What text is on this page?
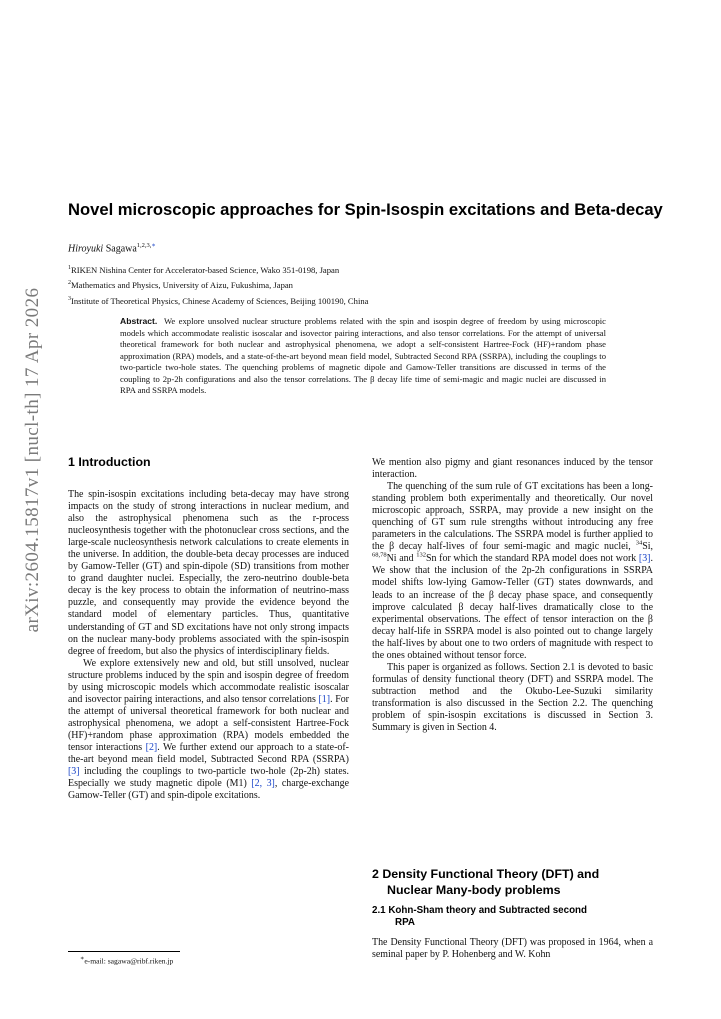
arXiv:2604.15817v1 [nucl-th] 17 Apr 2026
Novel microscopic approaches for Spin-Isospin excitations and Beta-decay
Hiroyuki Sagawa$^{1,2,3,∗}$
$^1$RIKEN Nishina Center for Accelerator-based Science, Wako 351-0198, Japan
$^2$Mathematics and Physics, University of Aizu, Fukushima, Japan
$^3$Institute of Theoretical Physics, Chinese Academy of Sciences, Beijing 100190, China
Abstract. We explore unsolved nuclear structure problems related with the spin and isospin degree of freedom by using microscopic models which accommodate realistic isoscalar and isovector pairing interactions, and also tensor correlations. For the attempt of universal theoretical framework for both nuclear and astrophysical phenomena, we adopt a self-consistent Hartree-Fock (HF)+random phase approximation (RPA) models, and a state-of-the-art beyond mean field model, Subtracted Second RPA (SSRPA), including the couplings to two-particle two-hole states. The quenching problems of magnetic dipole and Gamow-Teller transitions are discussed in terms of the coupling to 2p-2h configurations and also the tensor correlations. The β decay life time of semi-magic and magic nuclei are discussed in RPA and SSRPA models.
1 Introduction

The spin-isospin excitations including beta-decay may have strong impacts on the study of strong interactions in nuclear medium, and also the astrophysical phenomena such as the r-process nucleosynthesis together with the photonuclear cross sections, and the large-scale nucleosynthesis network calculations to create elements in the universe. In addition, the double-beta decay processes are induced by Gamow-Teller (GT) and spin-dipole (SD) transitions from mother to grand daughter nuclei. Especially, the zero-neutrino double-beta decay is the key process to obtain the information of neutrino-mass puzzle, and consequently may provide the evidence beyond the standard model of elementary particles. Thus, quantitative understanding of GT and SD excitations have not only strong impacts on the nuclear many-body problems associated with the spin-isospin degree of freedom, but also the physics of interdisciplinary fields.

We explore extensively new and old, but still unsolved, nuclear structure problems induced by the spin and isospin degree of freedom by using microscopic models which accommodate realistic isoscalar and isovector pairing interactions, and also tensor correlations [1]. For the attempt of universal theoretical framework for both nuclear and astrophysical phenomena, we adopt a self-consistent Hartree-Fock (HF)+random phase approximation (RPA) models embedded the tensor interactions [2]. We further extend our approach to a state-of-the-art beyond mean field model, Subtracted Second RPA (SSRPA) [3] including the couplings to two-particle two-hole (2p-2h) states. Especially we study magnetic dipole (M1) [2, 3], charge-exchange Gamow-Teller (GT) and spin-dipole excitations.

We mention also pigmy and giant resonances induced by the tensor interaction.

The quenching of the sum rule of GT excitations has been a long-standing problem both experimentally and theoretically. Our novel microscopic approach, SSRPA, may provide a new insight on the quenching of GT sum rule strengths without introducing any free parameters in the calculations. The SSRPA model is further applied to the β decay half-lives of four semi-magic and magic nuclei, $^{34}$Si, $^{68,78}$Ni and $^{132}$Sn for which the standard RPA model does not work [3]. We show that the inclusion of the 2p-2h configurations in SSRPA model shifts low-lying Gamow-Teller (GT) states downwards, and leads to an increase of the β decay phase space, and consequently improve calculated β decay half-lives dramatically close to the experimental observations. The effect of tensor interaction on the β decay half-life in SSRPA model is also pointed out to change largely the half-lives by about one to two orders of magnitude with respect to the ones obtained without tensor force.

This paper is organized as follows. Section 2.1 is devoted to basic formulas of density functional theory (DFT) and SSRPA model. The subtraction method and the Okubo-Lee-Suzuki similarity transformation is also discussed in the Section 2.2. The quenching problem of spin-isospin excitations is discussed in Section 3. Summary is given in Section 4.

2 Density Functional Theory (DFT) and
Nuclear Many-body problems
2.1 Kohn-Sham theory and Subtracted second
RPA

The Density Functional Theory (DFT) was proposed in 1964, when a seminal paper by P. Hohenberg and W. Kohn

∗e-mail: sagawa@ribf.riken.jp
